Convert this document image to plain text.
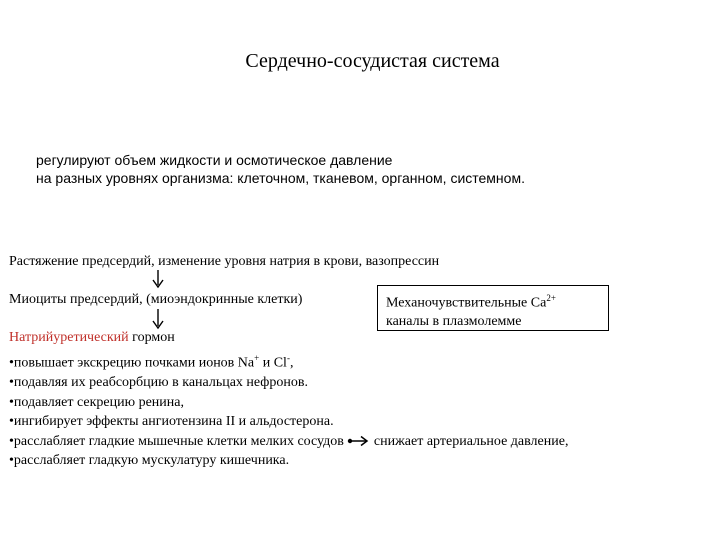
Сердечно-сосудистая система
регулируют объем жидкости и осмотическое давление
на разных уровнях организма: клеточном, тканевом, органном, системном.
Растяжение предсердий, изменение уровня натрия в крови, вазопрессин
Миоциты предсердий, (миоэндокринные клетки)	Механочувствительные $Ca^{2+}$
каналы в плазмолемме
Натрийуретический гормон
•повышает экскрецию почками ионов Na+ и Cl-,
•подавляя их реабсорбцию в канальцах нефронов.
•подавляет секрецию ренина,
•ингибирует эффекты ангиотензина II и альдостерона.
•расслабляет гладкие мышечные клетки мелких сосудов снижает артериальное давление,
•расслабляет гладкую мускулатуру кишечника.
